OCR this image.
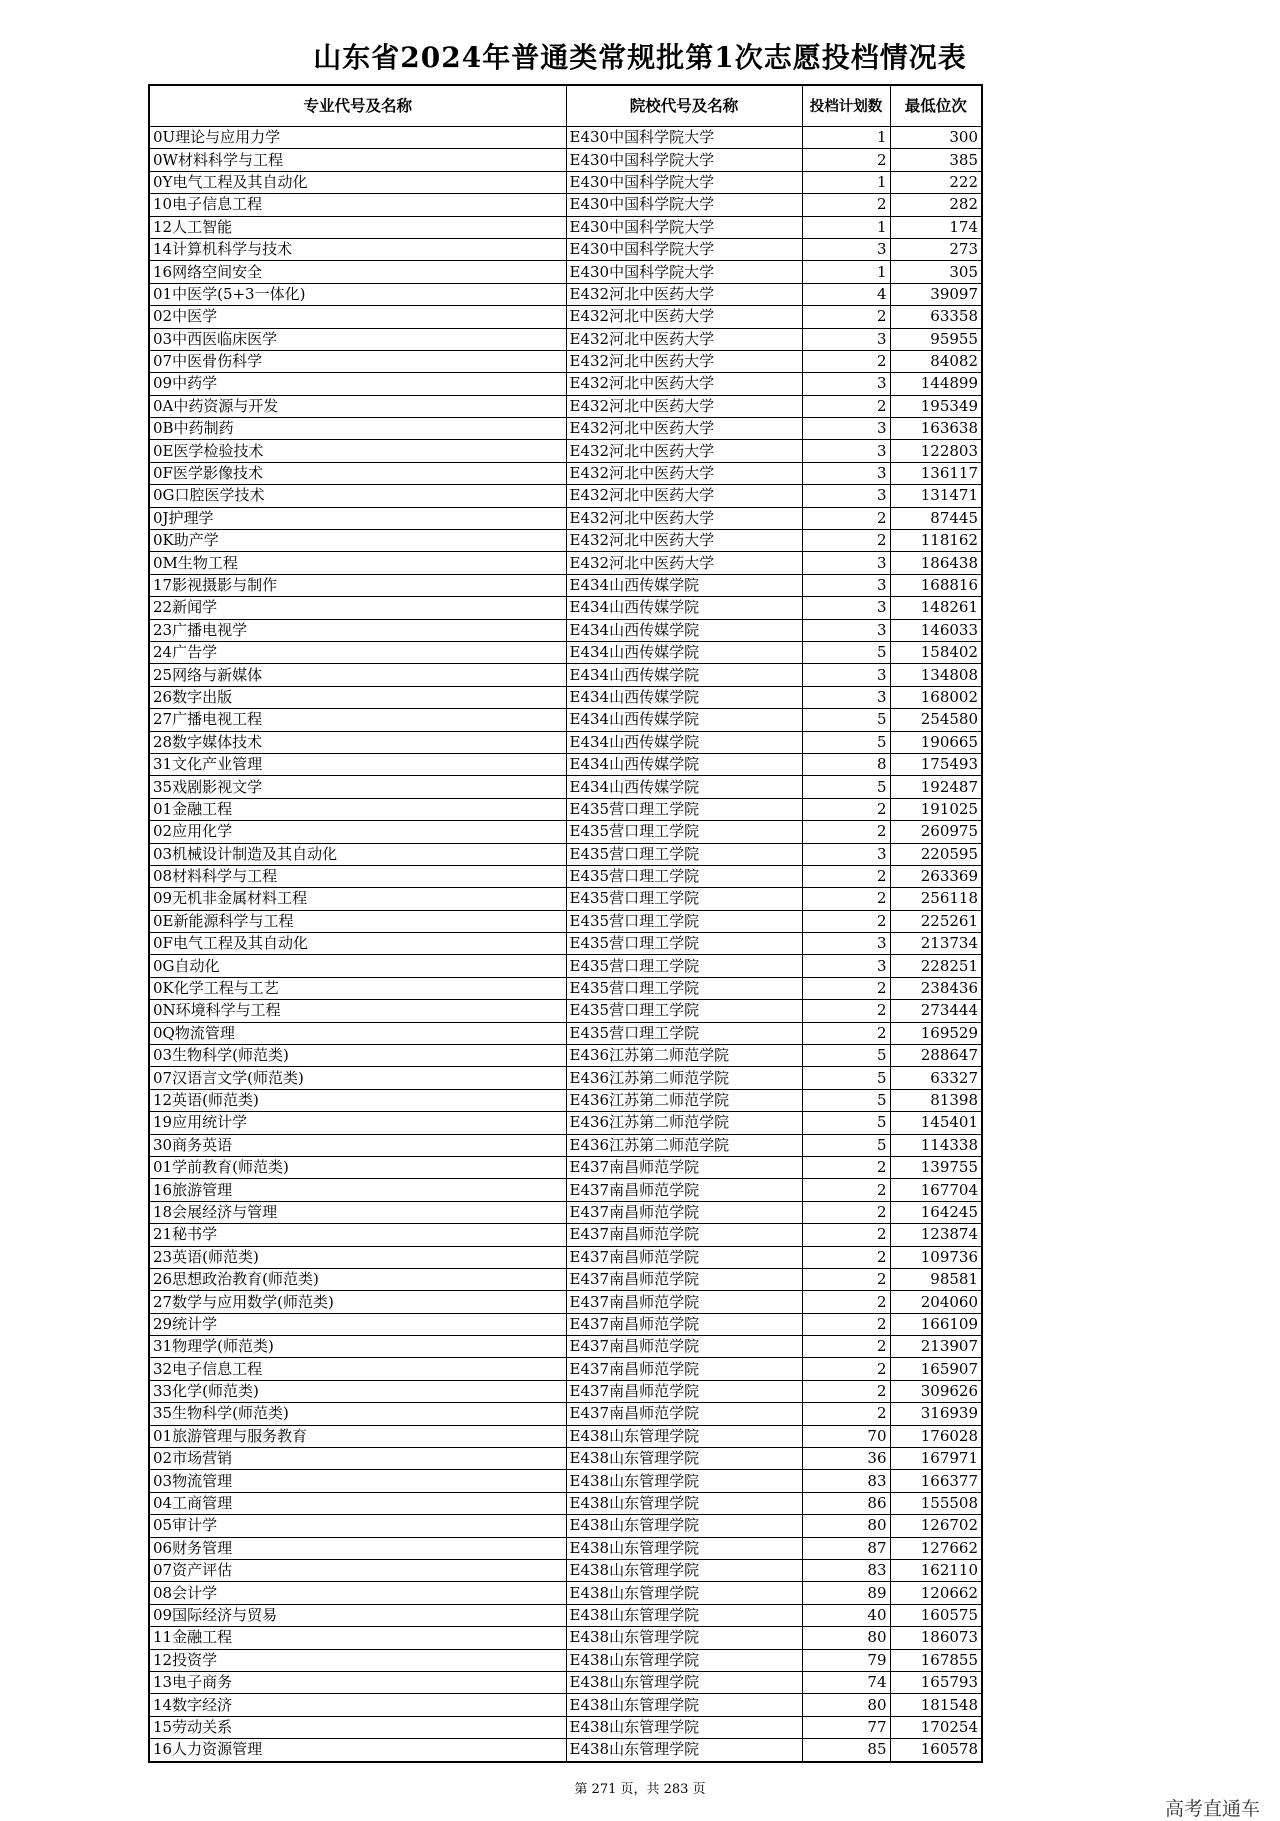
山东省2024年普通类常规批第1次志愿投档情况表
专业代号及名称	院校代号及名称	投档计划数	最低位次
0U理论与应用力学	E430中国科学院大学	1	300
0W材料科学与工程	E430中国科学院大学	2	385
0Y电气工程及其自动化	E430中国科学院大学	1	222
10电子信息工程	E430中国科学院大学	2	282
12人工智能	E430中国科学院大学	1	174
14计算机科学与技术	E430中国科学院大学	3	273
16网络空间安全	E430中国科学院大学	1	305
01中医学(5+3一体化)	E432河北中医药大学	4	39097
02中医学	E432河北中医药大学	2	63358
03中西医临床医学	E432河北中医药大学	3	95955
07中医骨伤科学	E432河北中医药大学	2	84082
09中药学	E432河北中医药大学	3	144899
0A中药资源与开发	E432河北中医药大学	2	195349
0B中药制药	E432河北中医药大学	3	163638
0E医学检验技术	E432河北中医药大学	3	122803
0F医学影像技术	E432河北中医药大学	3	136117
0G口腔医学技术	E432河北中医药大学	3	131471
0J护理学	E432河北中医药大学	2	87445
0K助产学	E432河北中医药大学	2	118162
0M生物工程	E432河北中医药大学	3	186438
17影视摄影与制作	E434山西传媒学院	3	168816
22新闻学	E434山西传媒学院	3	148261
23广播电视学	E434山西传媒学院	3	146033
24广告学	E434山西传媒学院	5	158402
25网络与新媒体	E434山西传媒学院	3	134808
26数字出版	E434山西传媒学院	3	168002
27广播电视工程	E434山西传媒学院	5	254580
28数字媒体技术	E434山西传媒学院	5	190665
31文化产业管理	E434山西传媒学院	8	175493
35戏剧影视文学	E434山西传媒学院	5	192487
01金融工程	E435营口理工学院	2	191025
02应用化学	E435营口理工学院	2	260975
03机械设计制造及其自动化	E435营口理工学院	3	220595
08材料科学与工程	E435营口理工学院	2	263369
09无机非金属材料工程	E435营口理工学院	2	256118
0E新能源科学与工程	E435营口理工学院	2	225261
0F电气工程及其自动化	E435营口理工学院	3	213734
0G自动化	E435营口理工学院	3	228251
0K化学工程与工艺	E435营口理工学院	2	238436
0N环境科学与工程	E435营口理工学院	2	273444
0Q物流管理	E435营口理工学院	2	169529
03生物科学(师范类)	E436江苏第二师范学院	5	288647
07汉语言文学(师范类)	E436江苏第二师范学院	5	63327
12英语(师范类)	E436江苏第二师范学院	5	81398
19应用统计学	E436江苏第二师范学院	5	145401
30商务英语	E436江苏第二师范学院	5	114338
01学前教育(师范类)	E437南昌师范学院	2	139755
16旅游管理	E437南昌师范学院	2	167704
18会展经济与管理	E437南昌师范学院	2	164245
21秘书学	E437南昌师范学院	2	123874
23英语(师范类)	E437南昌师范学院	2	109736
26思想政治教育(师范类)	E437南昌师范学院	2	98581
27数学与应用数学(师范类)	E437南昌师范学院	2	204060
29统计学	E437南昌师范学院	2	166109
31物理学(师范类)	E437南昌师范学院	2	213907
32电子信息工程	E437南昌师范学院	2	165907
33化学(师范类)	E437南昌师范学院	2	309626
35生物科学(师范类)	E437南昌师范学院	2	316939
01旅游管理与服务教育	E438山东管理学院	70	176028
02市场营销	E438山东管理学院	36	167971
03物流管理	E438山东管理学院	83	166377
04工商管理	E438山东管理学院	86	155508
05审计学	E438山东管理学院	80	126702
06财务管理	E438山东管理学院	87	127662
07资产评估	E438山东管理学院	83	162110
08会计学	E438山东管理学院	89	120662
09国际经济与贸易	E438山东管理学院	40	160575
11金融工程	E438山东管理学院	80	186073
12投资学	E438山东管理学院	79	167855
13电子商务	E438山东管理学院	74	165793
14数字经济	E438山东管理学院	80	181548
15劳动关系	E438山东管理学院	77	170254
16人力资源管理	E438山东管理学院	85	160578
第 271 页，共 283 页
高考直通车
